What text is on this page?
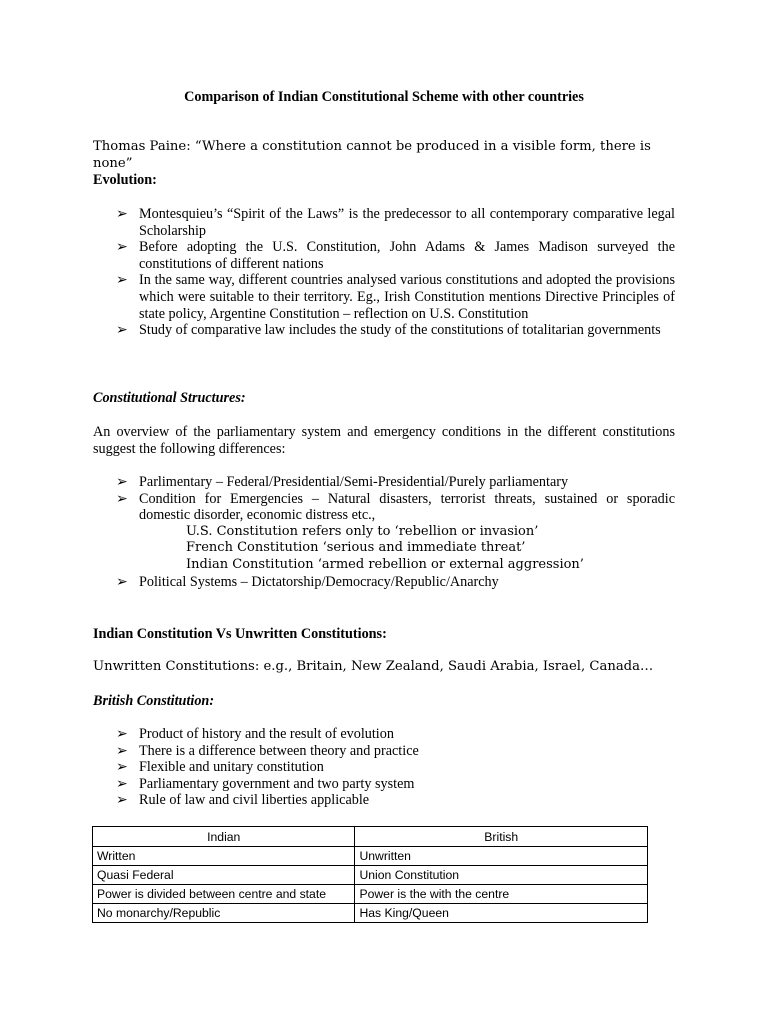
Comparison of Indian Constitutional Scheme with other countries
Thomas Paine: “Where a constitution cannot be produced in a visible form, there is none”
Evolution:
➢ Montesquieu’s “Spirit of the Laws” is the predecessor to all contemporary comparative legal Scholarship
➢ Before adopting the U.S. Constitution, John Adams & James Madison surveyed the constitutions of different nations
➢ In the same way, different countries analysed various constitutions and adopted the provisions which were suitable to their territory. Eg., Irish Constitution mentions Directive Principles of state policy, Argentine Constitution – reflection on U.S. Constitution
➢ Study of comparative law includes the study of the constitutions of totalitarian governments
Constitutional Structures:
An overview of the parliamentary system and emergency conditions in the different constitutions suggest the following differences:
➢ Parlimentary – Federal/Presidential/Semi-Presidential/Purely parliamentary
➢ Condition for Emergencies – Natural disasters, terrorist threats, sustained or sporadic domestic disorder, economic distress etc.,
U.S. Constitution refers only to ‘rebellion or invasion’
French Constitution ‘serious and immediate threat’
Indian Constitution ‘armed rebellion or external aggression’
➢ Political Systems – Dictatorship/Democracy/Republic/Anarchy
Indian Constitution Vs Unwritten Constitutions:
Unwritten Constitutions: e.g., Britain, New Zealand, Saudi Arabia, Israel, Canada…
British Constitution:
➢ Product of history and the result of evolution
➢ There is a difference between theory and practice
➢ Flexible and unitary constitution
➢ Parliamentary government and two party system
➢ Rule of law and civil liberties applicable
Indian	British
Written	Unwritten
Quasi Federal	Union Constitution
Power is divided between centre and state	Power is the with the centre
No monarchy/Republic	Has King/Queen
